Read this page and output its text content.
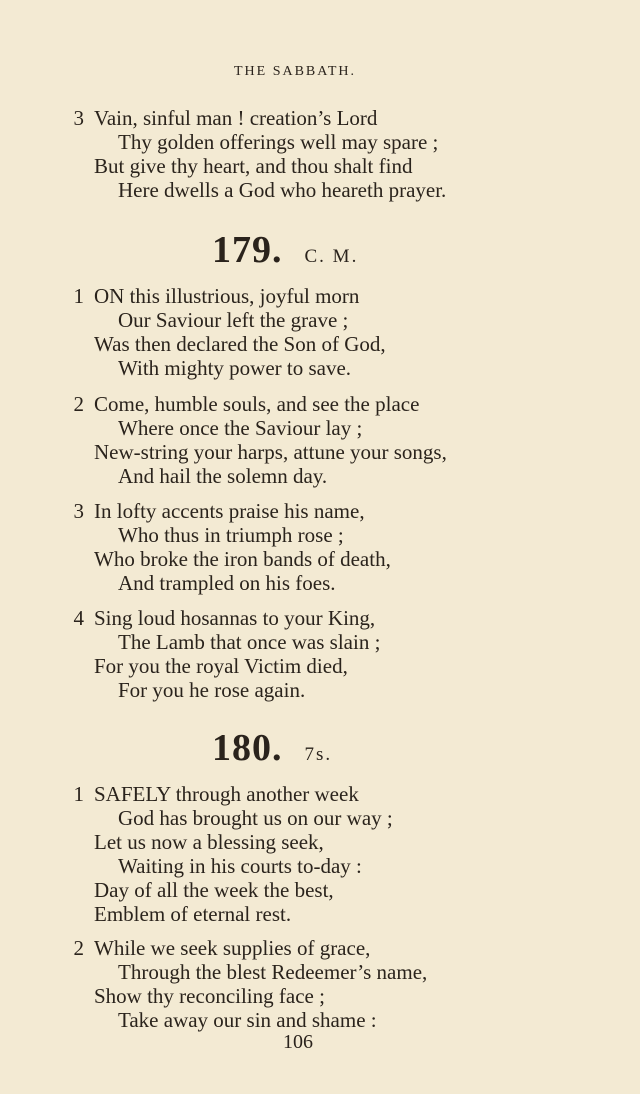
THE SABBATH.
3 Vain, sinful man ! creation’s Lord
Thy golden offerings well may spare ;
But give thy heart, and thou shalt find
Here dwells a God who heareth prayer.
179. C. M.
1 ON this illustrious, joyful morn
Our Saviour left the grave ;
Was then declared the Son of God,
With mighty power to save.
2 Come, humble souls, and see the place
Where once the Saviour lay ;
New-string your harps, attune your songs,
And hail the solemn day.
3 In lofty accents praise his name,
Who thus in triumph rose ;
Who broke the iron bands of death,
And trampled on his foes.
4 Sing loud hosannas to your King,
The Lamb that once was slain ;
For you the royal Victim died,
For you he rose again.
180. 7s.
1 SAFELY through another week
God has brought us on our way ;
Let us now a blessing seek,
Waiting in his courts to-day :
Day of all the week the best,
Emblem of eternal rest.
2 While we seek supplies of grace,
Through the blest Redeemer’s name,
Show thy reconciling face ;
Take away our sin and shame :
106
